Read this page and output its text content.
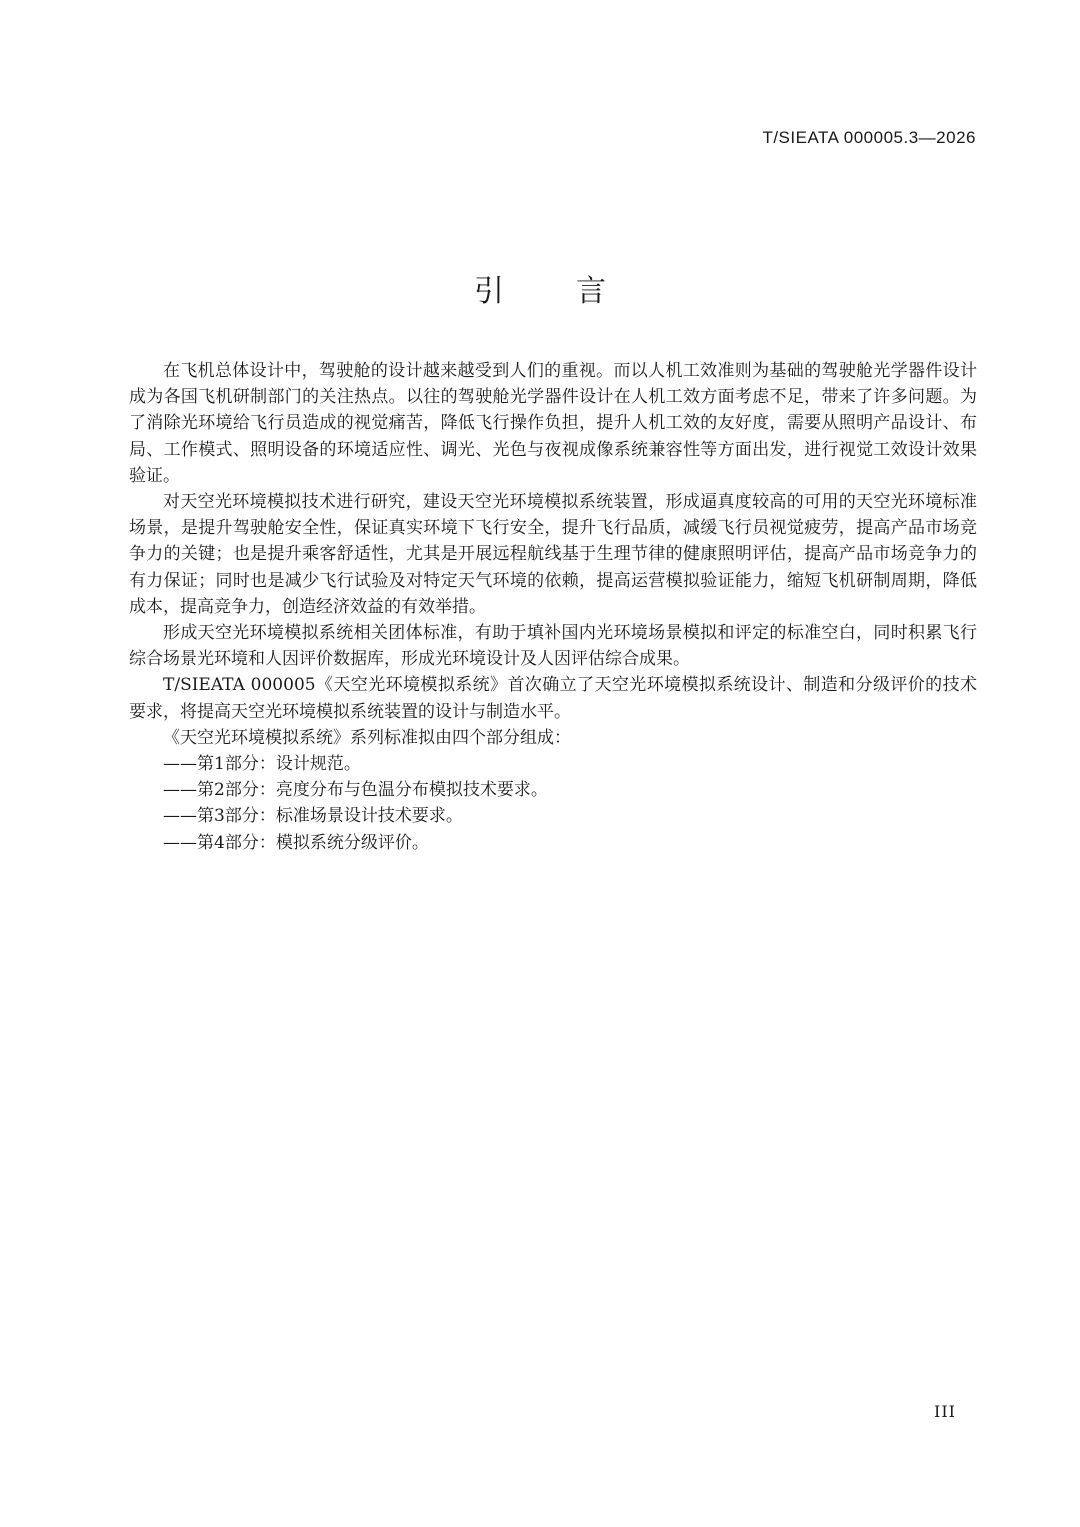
T/SIEATA 000005.3—2026
引言

在飞机总体设计中，驾驶舱的设计越来越受到人们的重视。而以人机工效准则为基础的驾驶舱光学器件设计成为各国飞机研制部门的关注热点。以往的驾驶舱光学器件设计在人机工效方面考虑不足，带来了许多问题。为了消除光环境给飞行员造成的视觉痛苦，降低飞行操作负担，提升人机工效的友好度，需要从照明产品设计、布局、工作模式、照明设备的环境适应性、调光、光色与夜视成像系统兼容性等方面出发，进行视觉工效设计效果验证。

对天空光环境模拟技术进行研究，建设天空光环境模拟系统装置，形成逼真度较高的可用的天空光环境标准场景，是提升驾驶舱安全性，保证真实环境下飞行安全，提升飞行品质，减缓飞行员视觉疲劳，提高产品市场竞争力的关键；也是提升乘客舒适性，尤其是开展远程航线基于生理节律的健康照明评估，提高产品市场竞争力的有力保证；同时也是减少飞行试验及对特定天气环境的依赖，提高运营模拟验证能力，缩短飞机研制周期，降低成本，提高竞争力，创造经济效益的有效举措。

形成天空光环境模拟系统相关团体标准，有助于填补国内光环境场景模拟和评定的标准空白，同时积累飞行综合场景光环境和人因评价数据库，形成光环境设计及人因评估综合成果。

T/SIEATA 000005《天空光环境模拟系统》首次确立了天空光环境模拟系统设计、制造和分级评价的技术要求，将提高天空光环境模拟系统装置的设计与制造水平。

《天空光环境模拟系统》系列标准拟由四个部分组成：

——第1部分：设计规范。
——第2部分：亮度分布与色温分布模拟技术要求。
——第3部分：标准场景设计技术要求。
——第4部分：模拟系统分级评价。
III
